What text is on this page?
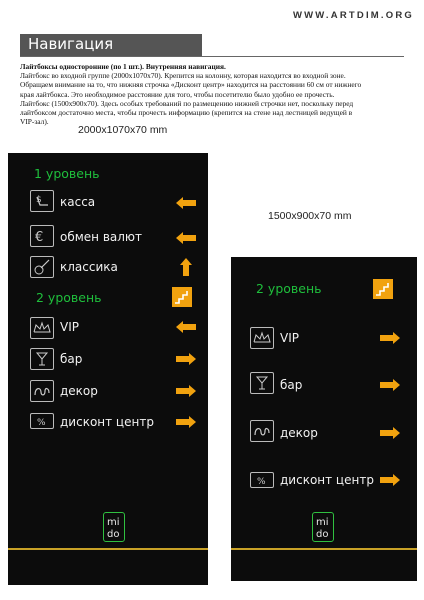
WWW.ARTDIM.ORG
Навигация

Лайтбоксы односторонние (по 1 шт.). Внутренняя навигация.

Лайтбокс во входной группе (2000х1070х70). Крепится на колонну, которая находится во входной зоне.

Обращаем внимание на то, что нижняя строчка «Дисконт центр» находится на расстоянии 60 см от нижнего

края лайтбокса. Это необходимое расстояние для того, чтобы посетителю было удобно ее прочесть.

Лайтбокс (1500х900х70). Здесь особых требований по размещению нижней строчки нет, поскольку перед

лайтбоксом достаточно места, чтобы прочесть информацию (крепится на стене над лестницей ведущей в

VIP-зал).

2000x1070x70 mm
1500x900x70 mm
1 уровень
$ касса
€ обмен валют
классика
2 уровень
VIP
бар
декор
% дисконт центр
mi
do
2 уровень
VIP
бар
декор
% дисконт центр
mi
do
